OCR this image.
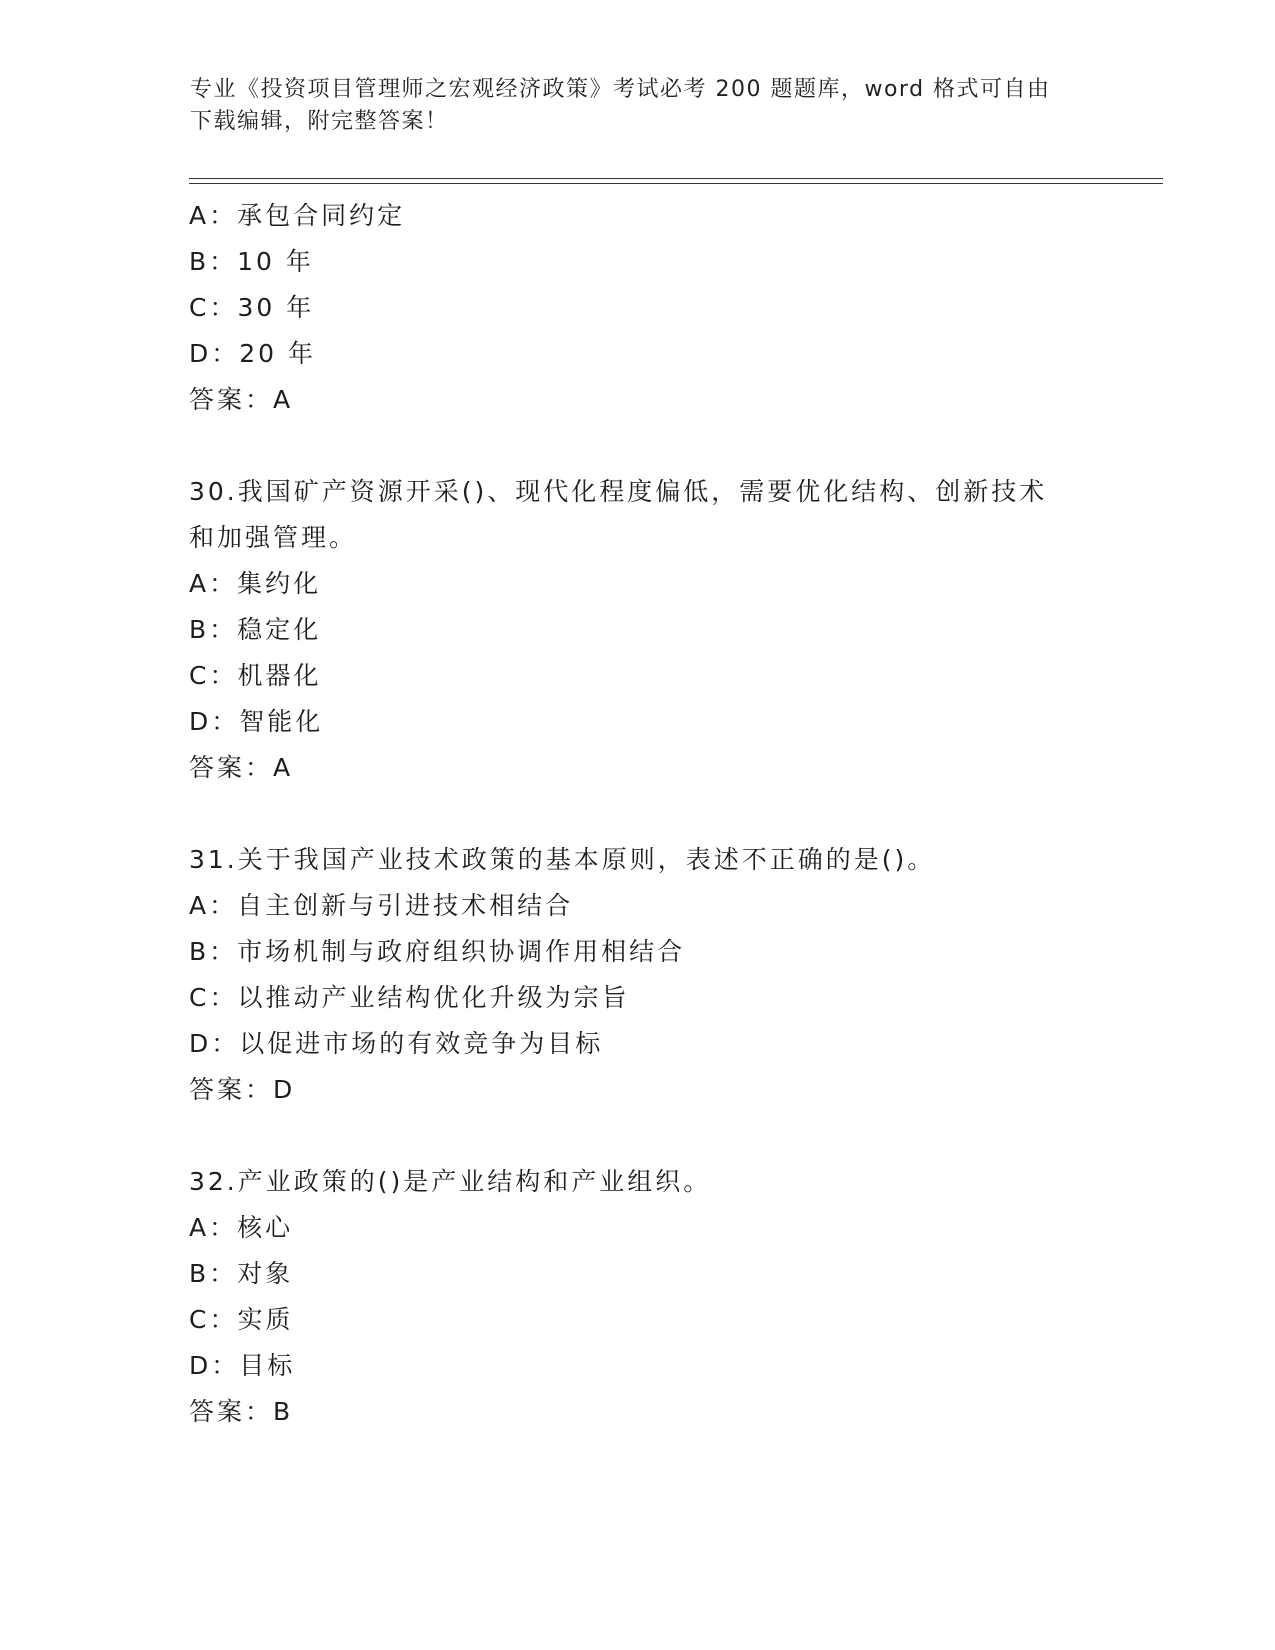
专业《投资项目管理师之宏观经济政策》考试必考 200 题题库，word 格式可自由
下载编辑，附完整答案！
A：承包合同约定
B：10 年
C：30 年
D：20 年
答案：A
30.我国矿产资源开采()、现代化程度偏低，需要优化结构、创新技术
和加强管理。
A：集约化
B：稳定化
C：机器化
D：智能化
答案：A
31.关于我国产业技术政策的基本原则，表述不正确的是()。
A：自主创新与引进技术相结合
B：市场机制与政府组织协调作用相结合
C：以推动产业结构优化升级为宗旨
D：以促进市场的有效竞争为目标
答案：D
32.产业政策的()是产业结构和产业组织。
A：核心
B：对象
C：实质
D：目标
答案：B
